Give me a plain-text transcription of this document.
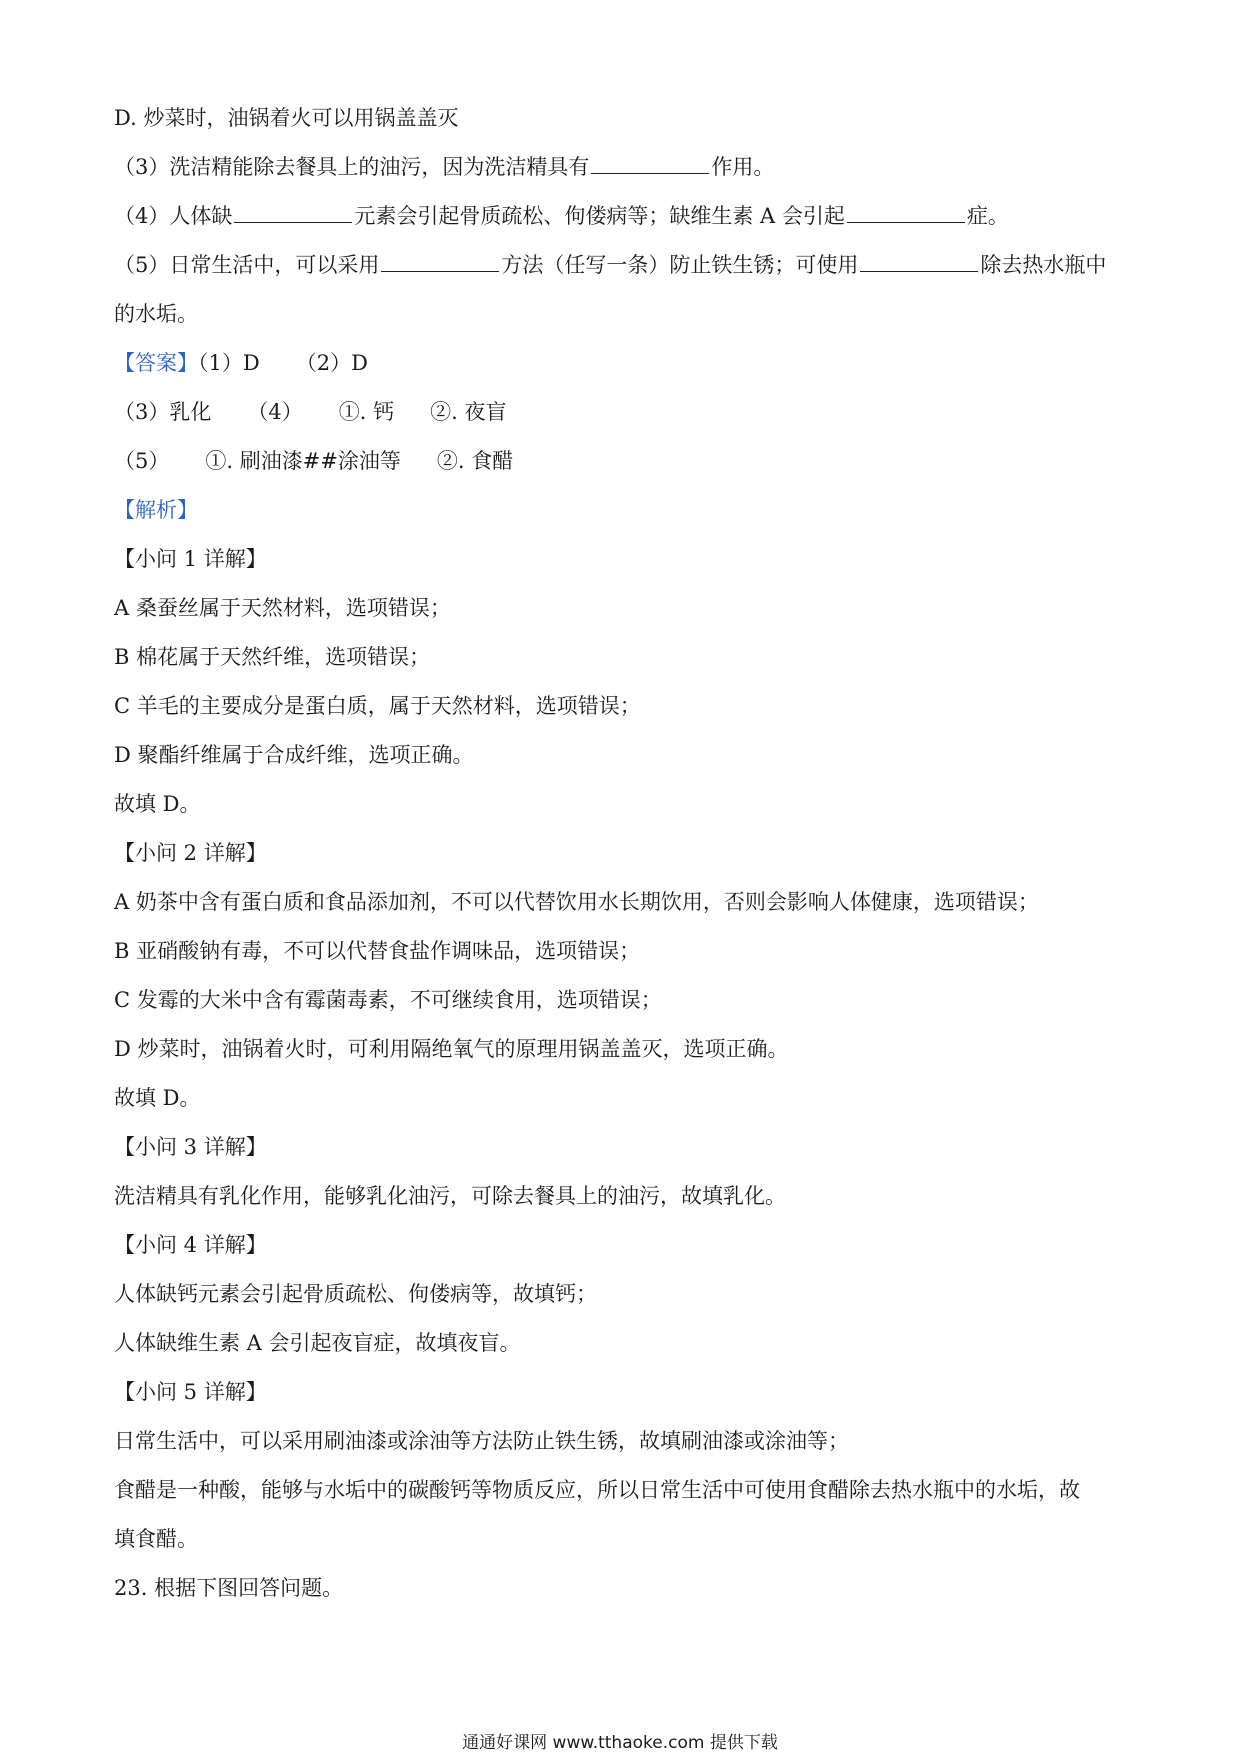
D. 炒菜时，油锅着火可以用锅盖盖灭
（3）洗洁精能除去餐具上的油污，因为洗洁精具有	作用。
（4）人体缺	元素会引起骨质疏松、佝偻病等；缺维生素 A 会引起	症。
（5）日常生活中，可以采用	方法（任写一条）防止铁生锈；可使用	除去热水瓶中
的水垢。
【答案】（1）D （2）D
（3）乳化 （4） ①. 钙 ②. 夜盲
（5） ①. 刷油漆##涂油等 ②. 食醋
【解析】
【小问 1 详解】
A 桑蚕丝属于天然材料，选项错误；
B 棉花属于天然纤维，选项错误；
C 羊毛的主要成分是蛋白质，属于天然材料，选项错误；
D 聚酯纤维属于合成纤维，选项正确。
故填 D。
【小问 2 详解】
A 奶茶中含有蛋白质和食品添加剂，不可以代替饮用水长期饮用，否则会影响人体健康，选项错误；
B 亚硝酸钠有毒，不可以代替食盐作调味品，选项错误；
C 发霉的大米中含有霉菌毒素，不可继续食用，选项错误；
D 炒菜时，油锅着火时，可利用隔绝氧气的原理用锅盖盖灭，选项正确。
故填 D。
【小问 3 详解】
洗洁精具有乳化作用，能够乳化油污，可除去餐具上的油污，故填乳化。
【小问 4 详解】
人体缺钙元素会引起骨质疏松、佝偻病等，故填钙；
人体缺维生素 A 会引起夜盲症，故填夜盲。
【小问 5 详解】
日常生活中，可以采用刷油漆或涂油等方法防止铁生锈，故填刷油漆或涂油等；
食醋是一种酸，能够与水垢中的碳酸钙等物质反应，所以日常生活中可使用食醋除去热水瓶中的水垢，故
填食醋。
23. 根据下图回答问题。
通通好课网 www.tthaoke.com 提供下载
